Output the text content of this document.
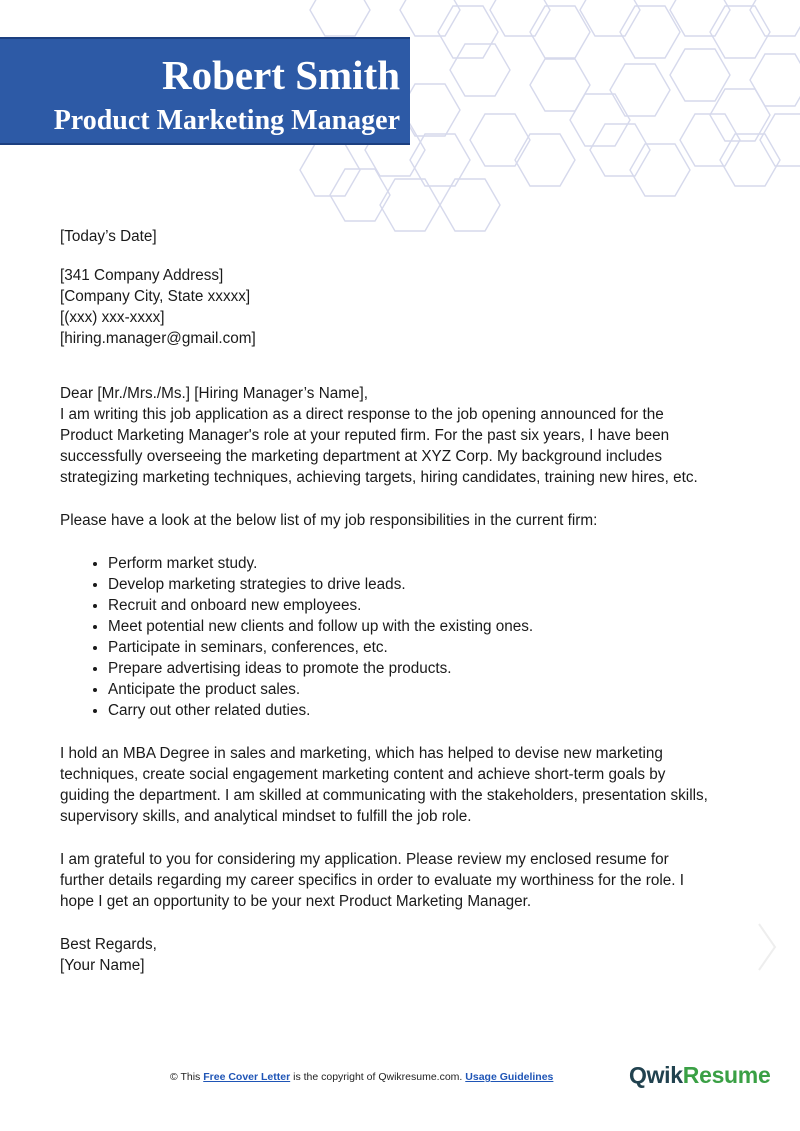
Robert Smith
Product Marketing Manager
[Today’s Date]
[341 Company Address]
[Company City, State xxxxx]
[(xxx) xxx-xxxx]
[hiring.manager@gmail.com]
Dear [Mr./Mrs./Ms.] [Hiring Manager’s Name],
I am writing this job application as a direct response to the job opening announced for the
Product Marketing Manager's role at your reputed firm. For the past six years, I have been
successfully overseeing the marketing department at XYZ Corp. My background includes
strategizing marketing techniques, achieving targets, hiring candidates, training new hires, etc.
Please have a look at the below list of my job responsibilities in the current firm:
• Perform market study.
• Develop marketing strategies to drive leads.
• Recruit and onboard new employees.
• Meet potential new clients and follow up with the existing ones.
• Participate in seminars, conferences, etc.
• Prepare advertising ideas to promote the products.
• Anticipate the product sales.
• Carry out other related duties.
I hold an MBA Degree in sales and marketing, which has helped to devise new marketing
techniques, create social engagement marketing content and achieve short-term goals by
guiding the department. I am skilled at communicating with the stakeholders, presentation skills,
supervisory skills, and analytical mindset to fulfill the job role.
I am grateful to you for considering my application. Please review my enclosed resume for
further details regarding my career specifics in order to evaluate my worthiness for the role. I
hope I get an opportunity to be your next Product Marketing Manager.
Best Regards,
[Your Name]
© This Free Cover Letter is the copyright of Qwikresume.com. Usage Guidelines	QwikResume
